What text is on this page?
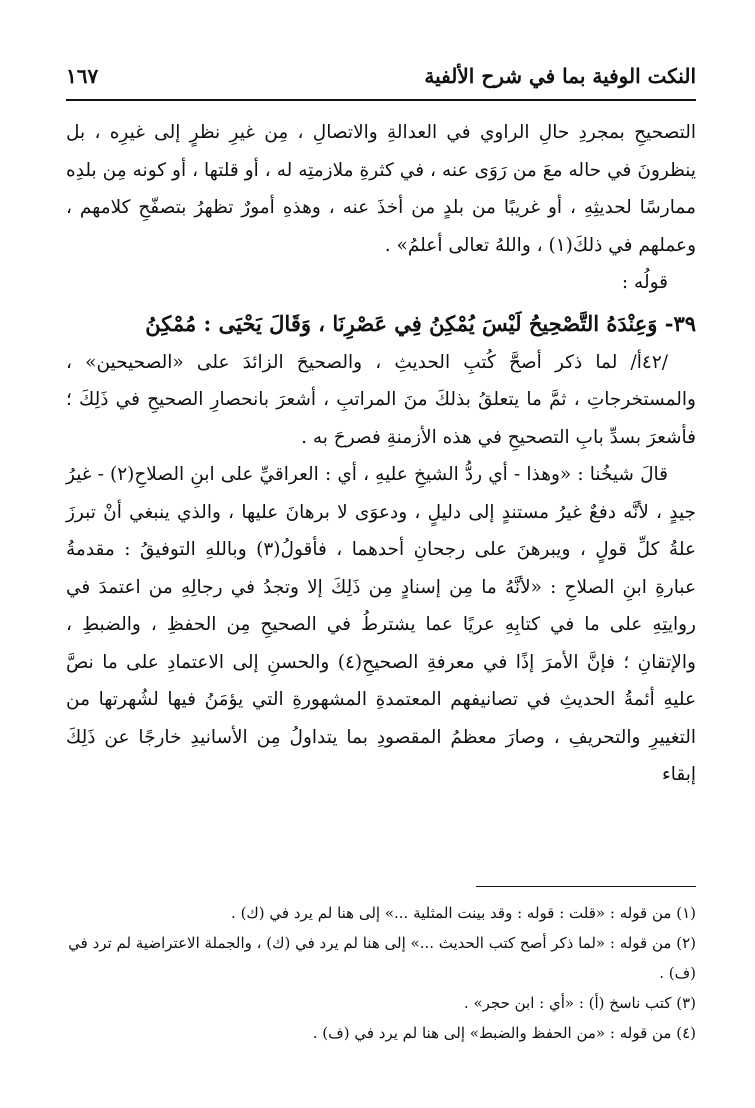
النكت الوفية بما في شرح الألفية
١٦٧

التصحيحِ بمجردِ حالِ الراوي في العدالةِ والاتصالِ ، مِن غيرِ نظرٍ إلى غيرِه ، بل ينظرونَ في حاله معَ من رَوَى عنه ، في كثرةِ ملازمتِه له ، أو قلتها ، أو كونه مِن بلدِه ممارسًا لحديثِهِ ، أو غريبًا من بلدٍ من أخذَ عنه ، وهذهِ أمورٌ تظهرُ بتصفّحِ كلامهم ، وعملهم في ذلكَ(١) ، واللهُ تعالى أعلمُ» .

قولُه :

٣٩- وَعِنْدَهُ التَّصْحِيحُ لَيْسَ يُمْكِنُ فِي عَصْرِنَا ، وَقَالَ يَحْيَى : مُمْكِنُ

/٤٢أ/ لما ذكر أصحَّ كُتبِ الحديثِ ، والصحيحَ الزائدَ على «الصحيحين» ، والمستخرجاتِ ، ثمَّ ما يتعلقُ بذلكَ منَ المراتبِ ، أشعرَ بانحصارِ الصحيحِ في ذَلِكَ ؛ فأشعرَ بسدِّ بابِ التصحيحِ في هذه الأزمنةِ فصرحَ به .

قالَ شيخُنا : «وهذا - أي ردُّ الشيخِ عليهِ ، أي : العراقيِّ على ابنِ الصلاحِ(٢) - غيرُ جيدٍ ، لأنَّه دفعٌ غيرُ مستندٍ إلى دليلٍ ، ودعوَى لا برهانَ عليها ، والذي ينبغي أنْ تبرزَ علةُ كلِّ قولٍ ، ويبرهنَ على رجحانِ أحدهما ، فأقولُ(٣) وباللهِ التوفيقُ : مقدمةُ عبارةِ ابنِ الصلاحِ : «لأنَّهُ ما مِن إسنادٍ مِن ذَلِكَ إلا وتجدُ في رجالِهِ من اعتمدَ في روايتِهِ على ما في كتابِهِ عريًا عما يشترطُ في الصحيحِ مِن الحفظِ ، والضبطِ ، والإتقانِ ؛ فإنَّ الأمرَ إذًا في معرفةِ الصحيحِ(٤) والحسنِ إلى الاعتمادِ على ما نصَّ عليهِ أئمةُ الحديثِ في تصانيفهم المعتمدةِ المشهورةِ التي يؤمَنُ فيها لشُهرتها من التغييرِ والتحريفِ ، وصارَ معظمُ المقصودِ بما يتداولُ مِن الأسانيدِ خارجًا عن ذَلِكَ إبقاء

(١) من قوله : «قلت : قوله : وقد بينت المثلية ...» إلى هنا لم يرد في (ك) .

(٢) من قوله : «لما ذكر أصح كتب الحديث ...» إلى هنا لم يرد في (ك) ، والجملة الاعتراضية لم ترد في (ف) .

(٣) كتب ناسخ (أ) : «أي : ابن حجر» .

(٤) من قوله : «من الحفظ والضبط» إلى هنا لم يرد في (ف) .
